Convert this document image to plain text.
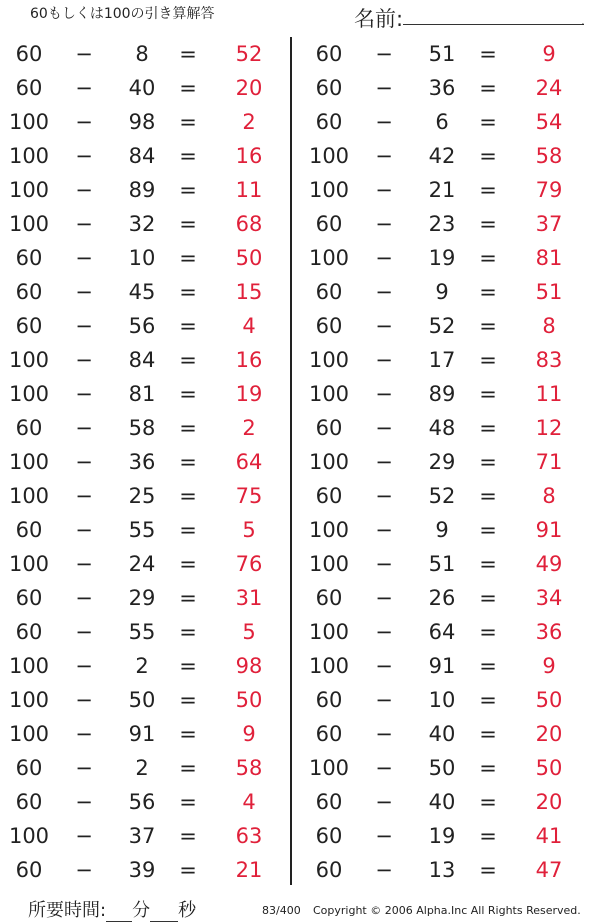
60もしくは100の引き算解答	名前:	.
60	−	8	=	52
60	−	40	=	20
100	−	98	=	2
100	−	84	=	16
100	−	89	=	11
100	−	32	=	68
60	−	10	=	50
60	−	45	=	15
60	−	56	=	4
100	−	84	=	16
100	−	81	=	19
60	−	58	=	2
100	−	36	=	64
100	−	25	=	75
60	−	55	=	5
100	−	24	=	76
60	−	29	=	31
60	−	55	=	5
100	−	2	=	98
100	−	50	=	50
100	−	91	=	9
60	−	2	=	58
60	−	56	=	4
100	−	37	=	63
60	−	39	=	21
60	−	51	=	9
60	−	36	=	24
60	−	6	=	54
100	−	42	=	58
100	−	21	=	79
60	−	23	=	37
100	−	19	=	81
60	−	9	=	51
60	−	52	=	8
100	−	17	=	83
100	−	89	=	11
60	−	48	=	12
100	−	29	=	71
60	−	52	=	8
100	−	9	=	91
100	−	51	=	49
60	−	26	=	34
100	−	64	=	36
100	−	91	=	9
60	−	10	=	50
60	−	40	=	20
100	−	50	=	50
60	−	40	=	20
60	−	19	=	41
60	−	13	=	47
所要時間: 分 秒	83/400 Copyright © 2006 Alpha.Inc All Rights Reserved.
